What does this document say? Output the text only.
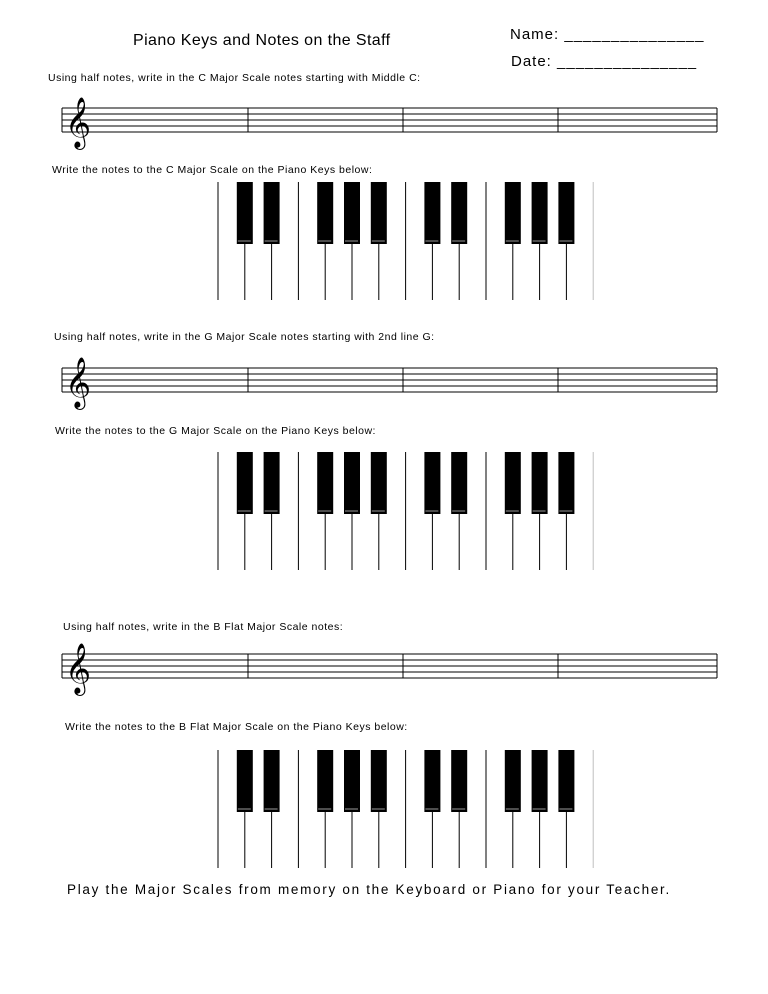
Piano Keys and Notes on the Staff	Name: _______________
Date: _______________
Using half notes, write in the C Major Scale notes starting with Middle C:
𝄞
Write the notes to the C Major Scale on the Piano Keys below:
Using half notes, write in the G Major Scale notes starting with 2nd line G:
𝄞
Write the notes to the G Major Scale on the Piano Keys below:
Using half notes, write in the B Flat Major Scale notes:
𝄞
Write the notes to the B Flat Major Scale on the Piano Keys below:
Play the Major Scales from memory on the Keyboard or Piano for your Teacher.
